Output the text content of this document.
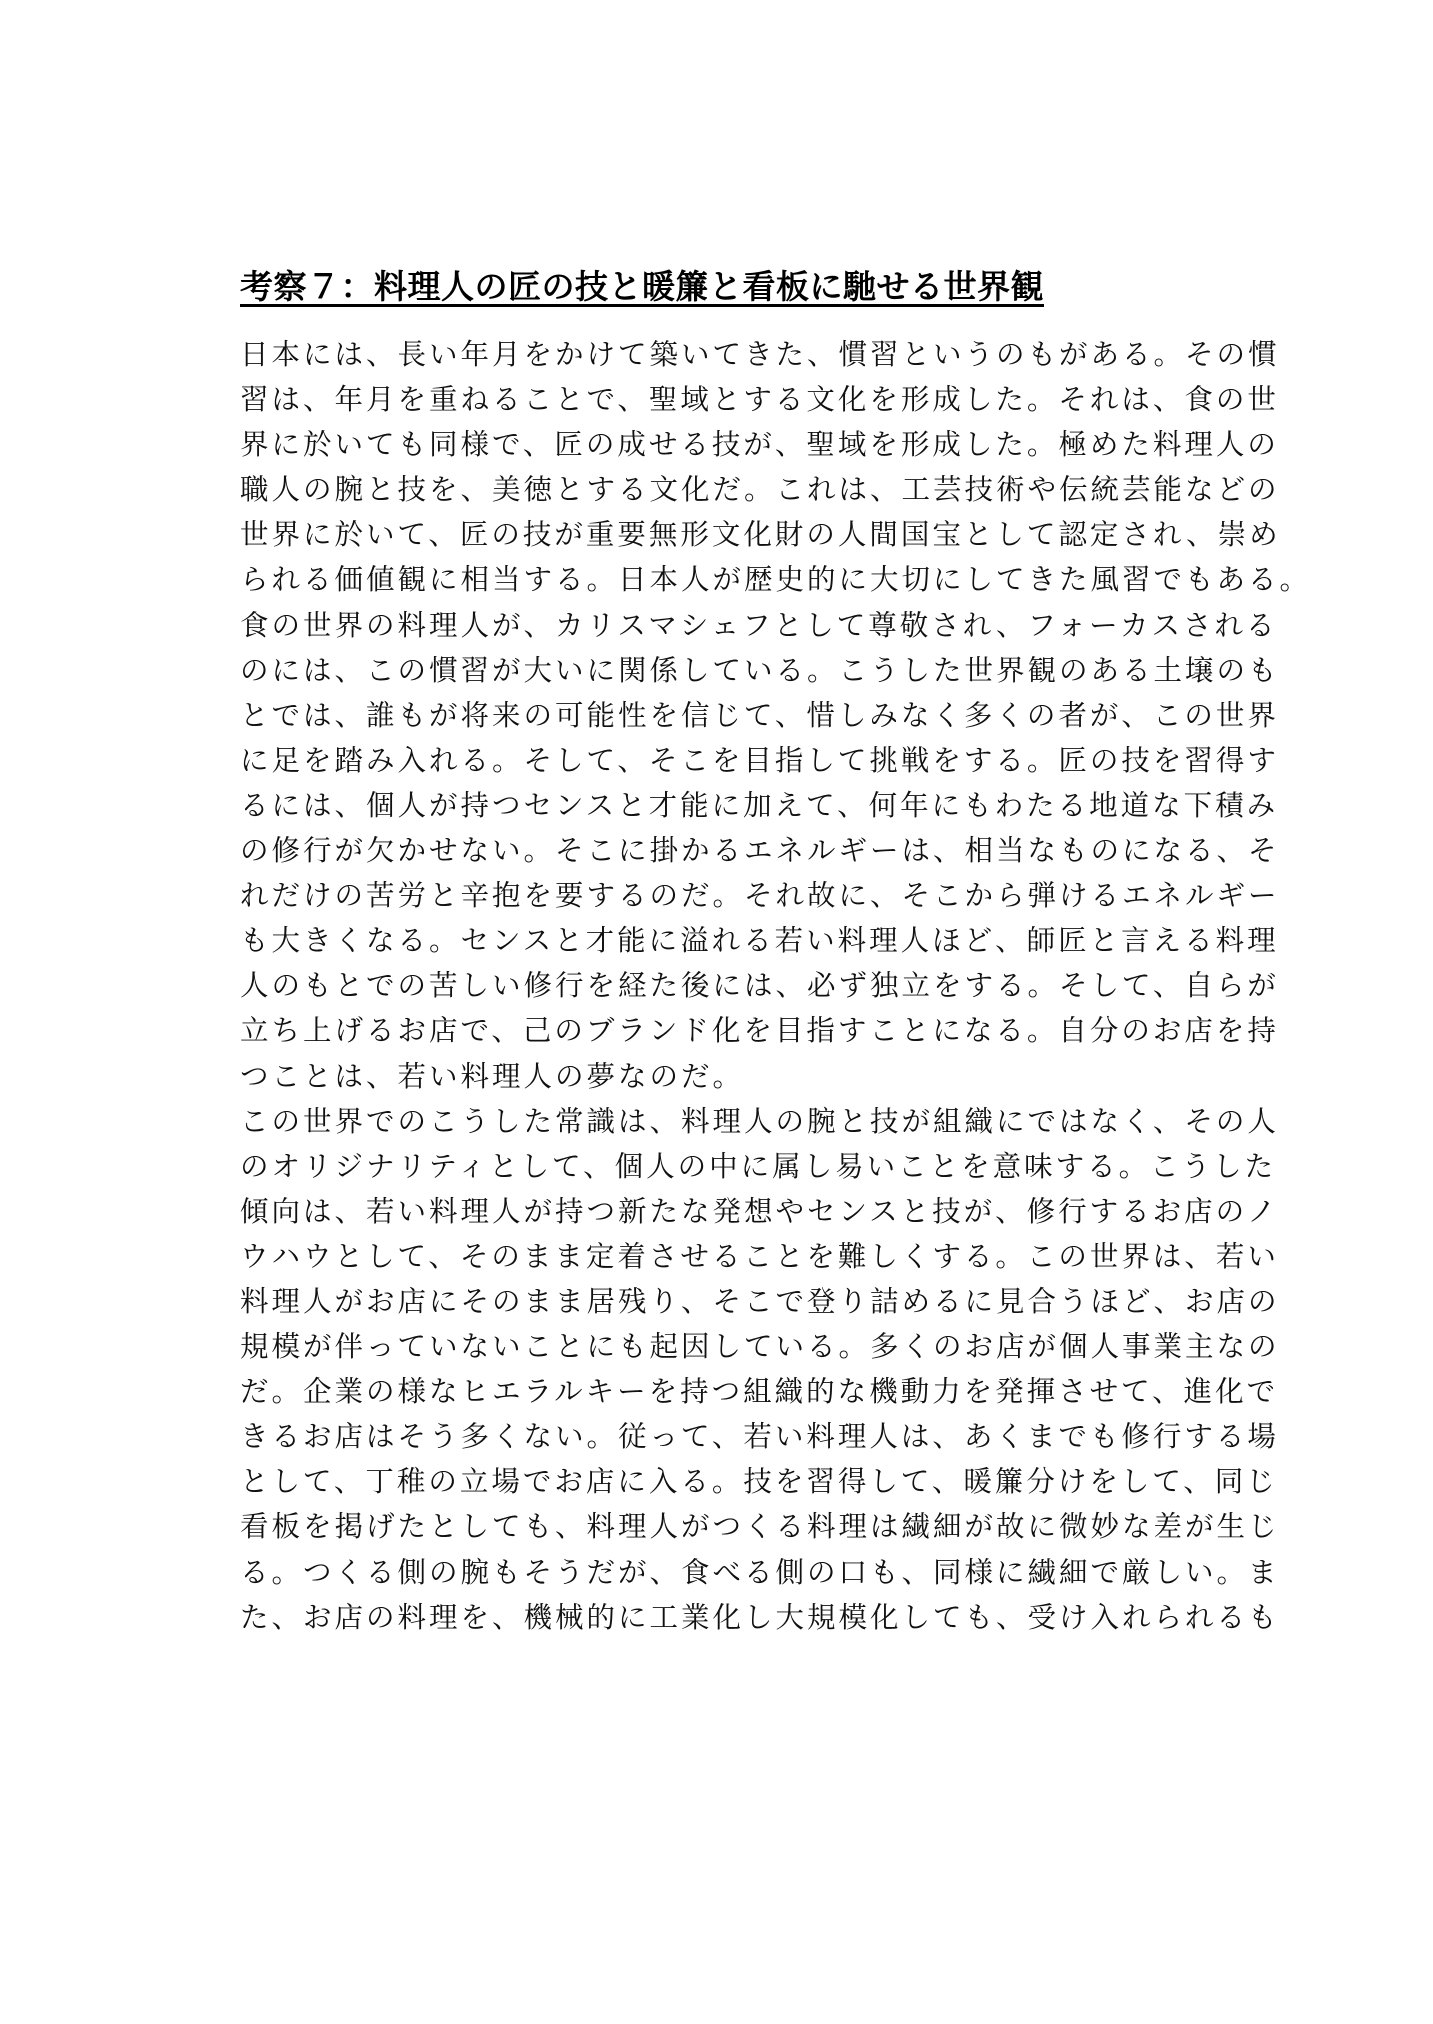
考察７：料理人の匠の技と暖簾と看板に馳せる世界観

日本には、長い年月をかけて築いてきた、慣習というのもがある。その慣
習は、年月を重ねることで、聖域とする文化を形成した。それは、食の世
界に於いても同様で、匠の成せる技が、聖域を形成した。極めた料理人の
職人の腕と技を、美徳とする文化だ。これは、工芸技術や伝統芸能などの
世界に於いて、匠の技が重要無形文化財の人間国宝として認定され、崇め
られる価値観に相当する。日本人が歴史的に大切にしてきた風習でもある。
食の世界の料理人が、カリスマシェフとして尊敬され、フォーカスされる
のには、この慣習が大いに関係している。こうした世界観のある土壌のも
とでは、誰もが将来の可能性を信じて、惜しみなく多くの者が、この世界
に足を踏み入れる。そして、そこを目指して挑戦をする。匠の技を習得す
るには、個人が持つセンスと才能に加えて、何年にもわたる地道な下積み
の修行が欠かせない。そこに掛かるエネルギーは、相当なものになる、そ
れだけの苦労と辛抱を要するのだ。それ故に、そこから弾けるエネルギー
も大きくなる。センスと才能に溢れる若い料理人ほど、師匠と言える料理
人のもとでの苦しい修行を経た後には、必ず独立をする。そして、自らが
立ち上げるお店で、己のブランド化を目指すことになる。自分のお店を持
つことは、若い料理人の夢なのだ。

この世界でのこうした常識は、料理人の腕と技が組織にではなく、その人
のオリジナリティとして、個人の中に属し易いことを意味する。こうした
傾向は、若い料理人が持つ新たな発想やセンスと技が、修行するお店のノ
ウハウとして、そのまま定着させることを難しくする。この世界は、若い
料理人がお店にそのまま居残り、そこで登り詰めるに見合うほど、お店の
規模が伴っていないことにも起因している。多くのお店が個人事業主なの
だ。企業の様なヒエラルキーを持つ組織的な機動力を発揮させて、進化で
きるお店はそう多くない。従って、若い料理人は、あくまでも修行する場
として、丁稚の立場でお店に入る。技を習得して、暖簾分けをして、同じ
看板を掲げたとしても、料理人がつくる料理は繊細が故に微妙な差が生じ
る。つくる側の腕もそうだが、食べる側の口も、同様に繊細で厳しい。ま
た、お店の料理を、機械的に工業化し大規模化しても、受け入れられるも
